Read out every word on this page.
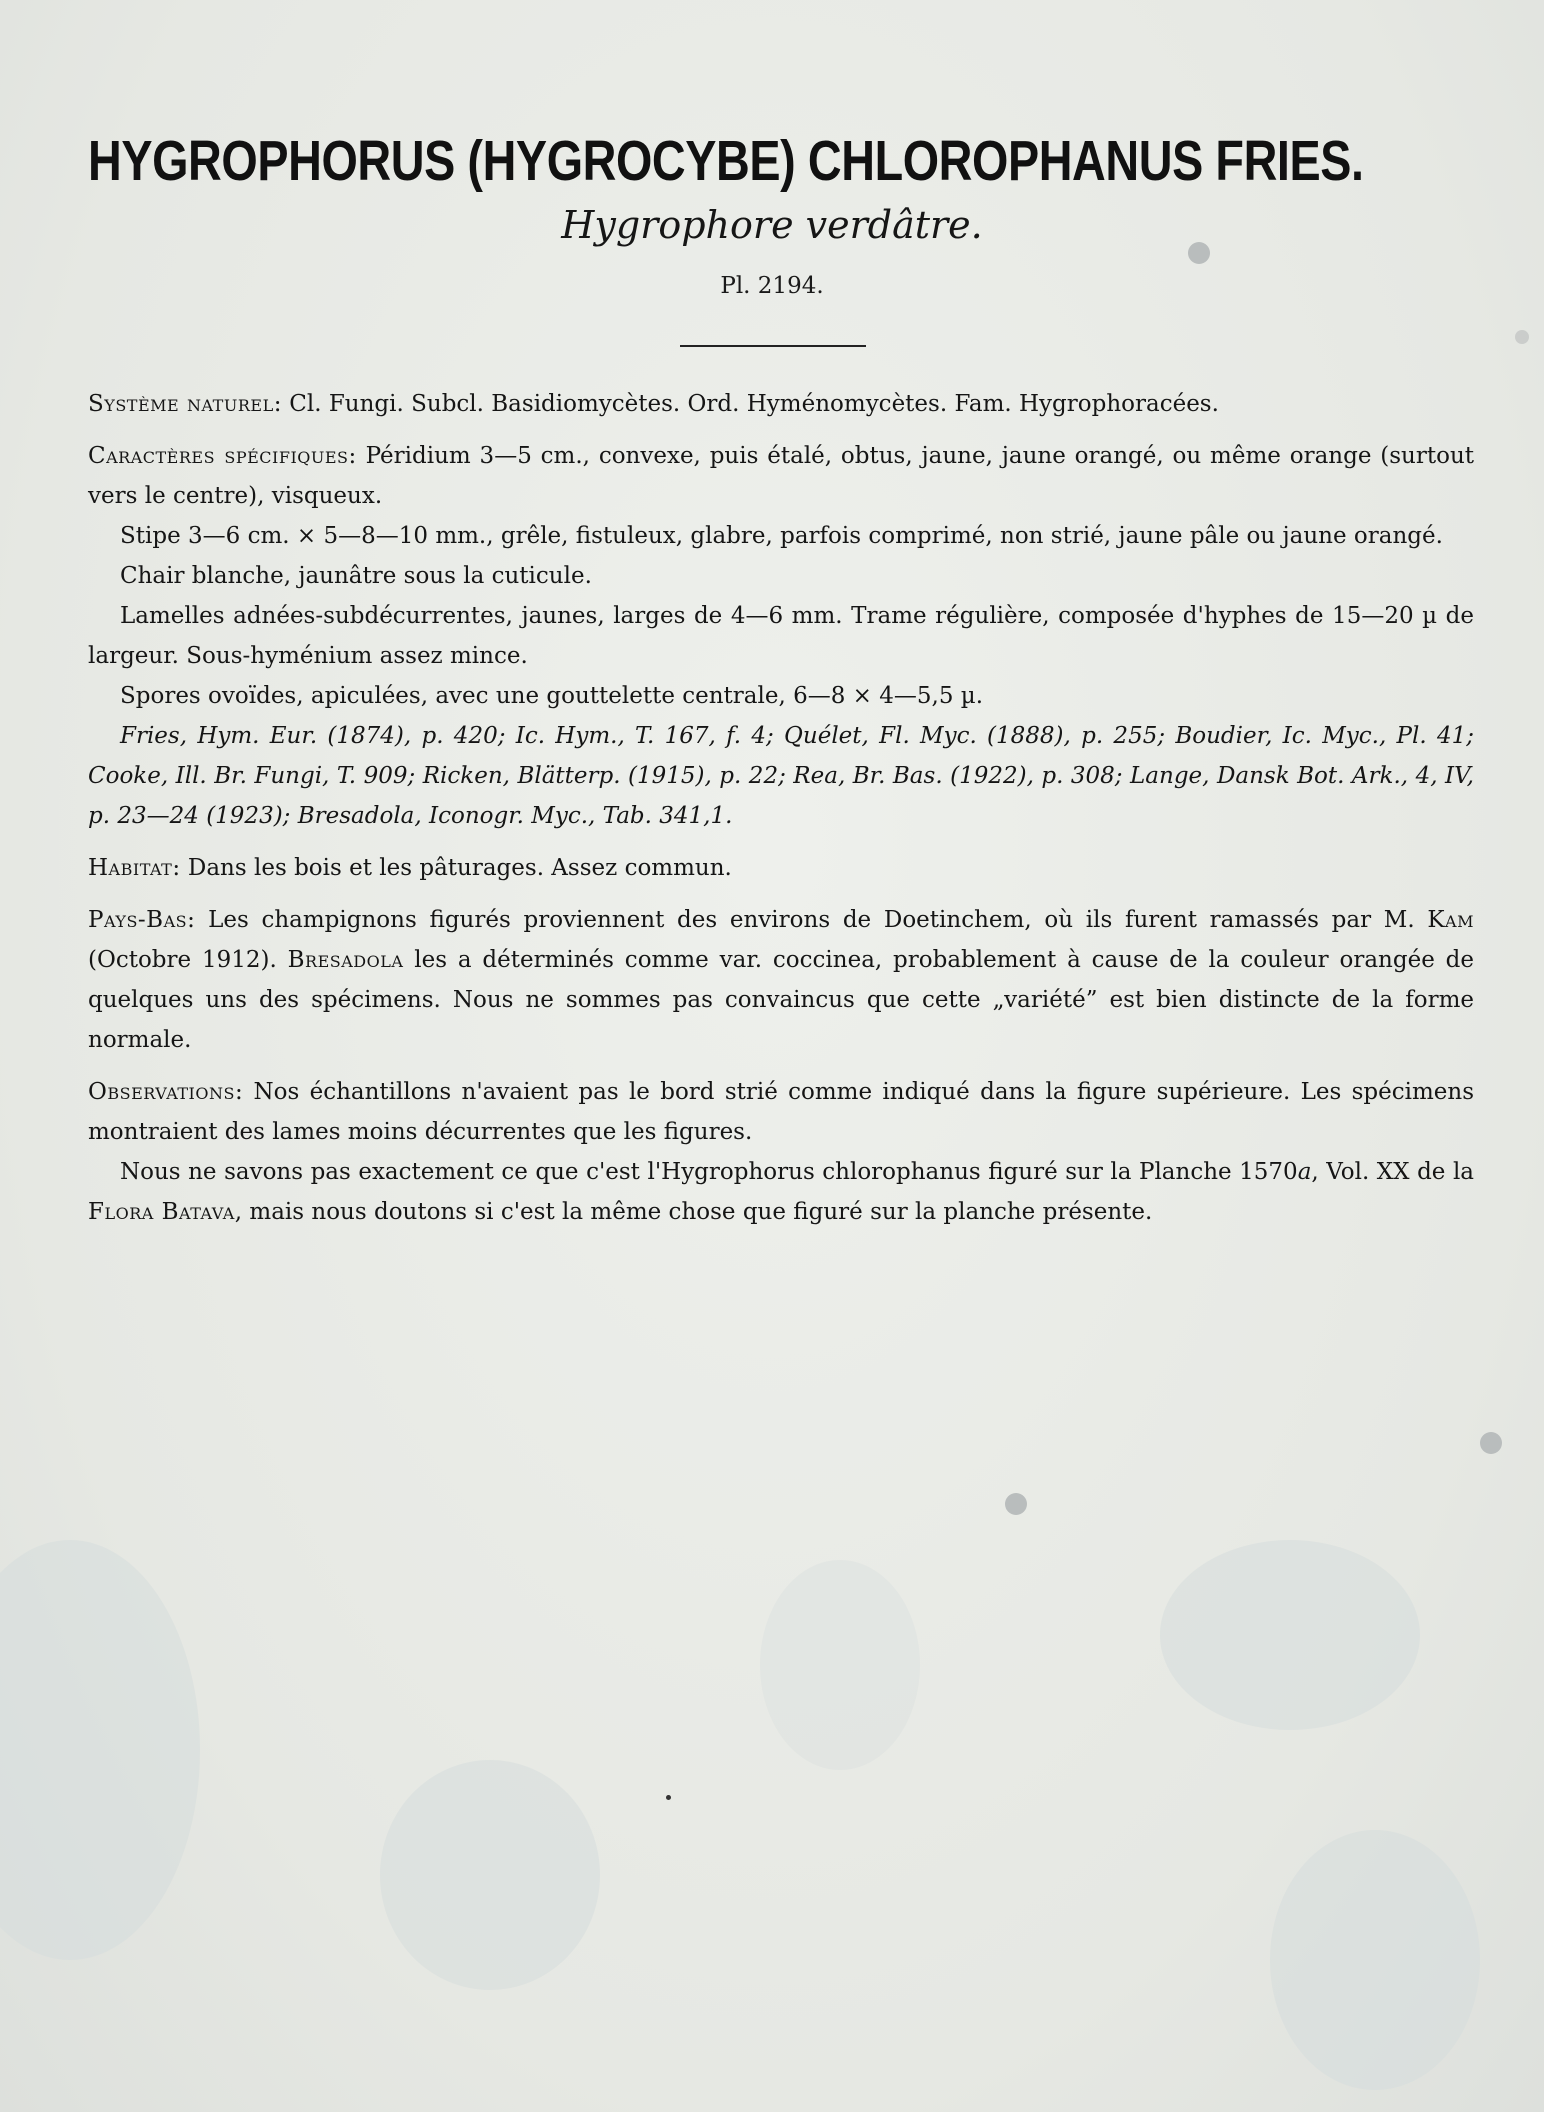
HYGROPHORUS (HYGROCYBE) CHLOROPHANUS FRIES.
Hygrophore verdâtre.
Pl. 2194.

Système naturel: Cl. Fungi. Subcl. Basidiomycètes. Ord. Hyménomycètes. Fam. Hygrophoracées.

Caractères spécifiques: Péridium 3—5 cm., convexe, puis étalé, obtus, jaune, jaune orangé, ou même orange (surtout vers le centre), visqueux.

Stipe 3—6 cm. × 5—8—10 mm., grêle, fistuleux, glabre, parfois comprimé, non strié, jaune pâle ou jaune orangé.

Chair blanche, jaunâtre sous la cuticule.

Lamelles adnées-subdécurrentes, jaunes, larges de 4—6 mm. Trame régulière, composée d'hyphes de 15—20 µ de largeur. Sous-hyménium assez mince.

Spores ovoïdes, apiculées, avec une gouttelette centrale, 6—8 × 4—5,5 µ.

Fries, Hym. Eur. (1874), p. 420; Ic. Hym., T. 167, f. 4; Quélet, Fl. Myc. (1888), p. 255; Boudier, Ic. Myc., Pl. 41; Cooke, Ill. Br. Fungi, T. 909; Ricken, Blätterp. (1915), p. 22; Rea, Br. Bas. (1922), p. 308; Lange, Dansk Bot. Ark., 4, IV, p. 23—24 (1923); Bresadola, Iconogr. Myc., Tab. 341,1.

Habitat: Dans les bois et les pâturages. Assez commun.

Pays-Bas: Les champignons figurés proviennent des environs de Doetinchem, où ils furent ramassés par M. Kam (Octobre 1912). Bresadola les a déterminés comme var. coccinea, probablement à cause de la couleur orangée de quelques uns des spécimens. Nous ne sommes pas convaincus que cette „variété” est bien distincte de la forme normale.

Observations: Nos échantillons n'avaient pas le bord strié comme indiqué dans la figure supérieure. Les spécimens montraient des lames moins décurrentes que les figures.

Nous ne savons pas exactement ce que c'est l'Hygrophorus chlorophanus figuré sur la Planche 1570a, Vol. XX de la Flora Batava, mais nous doutons si c'est la même chose que figuré sur la planche présente.
